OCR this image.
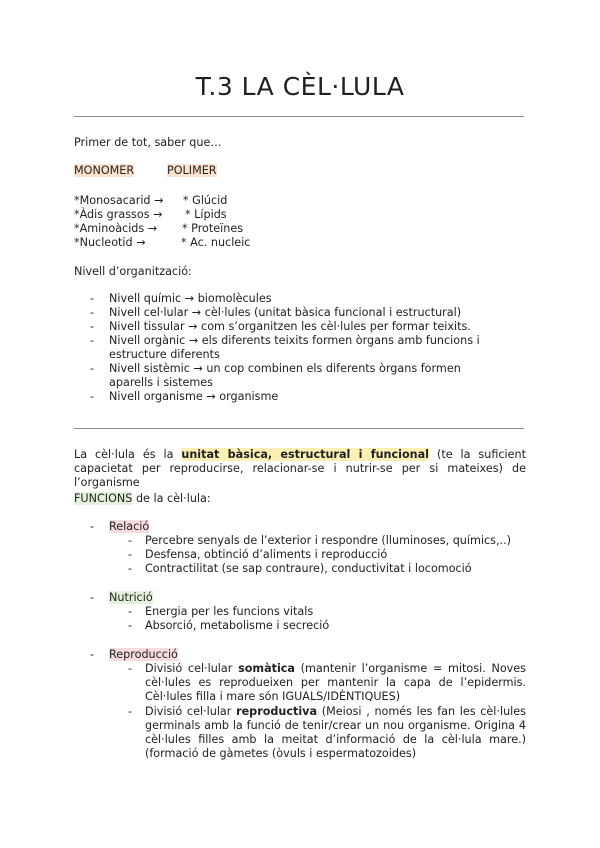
T.3 LA CÈL·LULA
Primer de tot, saber que…
MONOMER	POLIMER
*Monosacarid → * Glúcid
*Àdis grassos → * Lípids
*Aminoàcids → * Proteïnes
*Nucleotid →	* Ac. nucleic
Nivell d’organització:
- Nivell químic → biomolècules
- Nivell cel·lular → cèl·lules (unitat bàsica funcional i estructural)
- Nivell tissular → com s’organitzen les cèl·lules per formar teixits.
- Nivell orgànic → els diferents teixits formen òrgans amb funcions i estructure diferents
- Nivell sistèmic → un cop combinen els diferents òrgans formen aparells i sistemes
- Nivell organisme → organisme
La cèl·lula és la unitat bàsica, estructural i funcional (te la suficient capacietat per reproducirse, relacionar-se i nutrir-se per si mateixes) de l’organisme
FUNCIONS de la cèl·lula:
- Relació
- Percebre senyals de l’exterior i respondre (lluminoses, químics,..)
- Desfensa, obtinció d’aliments i reproducció
- Contractilitat (se sap contraure), conductivitat i locomoció
- Nutrició
- Energia per les funcions vitals
- Absorció, metabolisme i secreció
- Reproducció
- Divisió cel·lular somàtica (mantenir l’organisme = mitosi. Noves cèl·lules es reprodueixen per mantenir la capa de l’epidermis. Cèl·lules filla i mare són IGUALS/IDÈNTIQUES)
- Divisió cel·lular reproductiva (Meiosi , només les fan les cèl·lules germinals amb la funció de tenir/crear un nou organisme. Origina 4 cèl·lules filles amb la meitat d’informació de la cèl·lula mare.) (formació de gàmetes (òvuls i espermatozoides)
